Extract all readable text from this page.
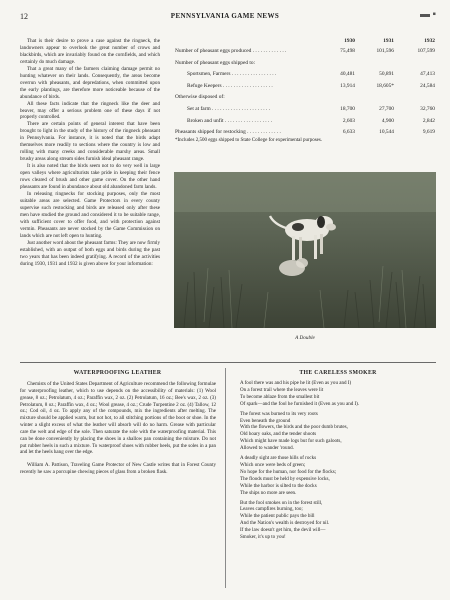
12	PENNSYLVANIA GAME NEWS	▬ ▪

That is their desire to prove a case against the ringneck, the landowners appear to overlook the great number of crows and blackbirds, which are invariably found on the cornfields, and which certainly do much damage.

That a great many of the farmers claiming damage permit no hunting whatever on their lands. Consequently, the areas become overrun with pheasants, and depredations, when committed upon the early plantings, are therefore more noticeable because of the abundance of birds.

All these facts indicate that the ringneck like the deer and beaver, may offer a serious problem one of these days if not properly controlled.

There are certain points of general interest that have been brought to light in the study of the history of the ringneck pheasant in Pennsylvania. For instance, it is noted that the birds adapt themselves more readily to sections where the country is low and rolling with many creeks and considerable marshy areas. Small brushy areas along stream sides furnish ideal pheasant range.

It is also noted that the birds seem not to do very well in large open valleys where agriculturists take pride in keeping their fence rows cleared of brush and other game cover. On the other hand pheasants are found in abundance about old abandoned farm lands.

In releasing ringnecks for stocking purposes, only the most suitable areas are selected. Game Protectors in every county supervise such restocking and birds are released only after these men have studied the ground and considered it to be suitable range, with sufficient cover to offer food, and with protection against vermin. Pheasants are never stocked by the Game Commission on lands which are not left open to hunting.

Just another word about the pheasant farms: They are now firmly established, with an output of both eggs and birds during the past two years that has been indeed gratifying. A record of the activities during 1930, 1931 and 1932 is given above for your information:

1930	1931	1932
Number of pheasant eggs produced . . . . . . . . . . . . .	75,498	101,596	107,599
Number of pheasant eggs shipped to:
Sportsmen, Farmers . . . . . . . . . . . . . . . . .	40,481	50,891	47,413
Refuge Keepers . . . . . . . . . . . . . . . . . . .	13,914	18,605*	24,584
Otherwise disposed of:
Set at farm . . . . . . . . . . . . . . . . . . . . . .	18,700	27,700	32,760
Broken and unfit . . . . . . . . . . . . . . . . . .	2,603	4,900	2,842
Pheasants shipped for restocking . . . . . . . . . . . . .	6,633	10,544	9,619
*Includes 2,500 eggs shipped to State College for experimental purposes.
A Double
WATERPROOFING LEATHER

Chemists of the United States Department of Agriculture recommend the following formulae for waterproofing leather, which to use depends on the accessibility of materials: (1) Wool grease, 8 oz.; Petrolatum, 4 oz.; Paraffin wax, 2 oz. (2) Petrolatum, 16 oz.; Bee's wax, 2 oz. (3) Petrolatum, 8 oz.; Paraffin wax, 4 oz.; Wool grease, 4 oz.; Crude Turpentine 2 oz. (4) Tallow, 12 oz.; Cod oil, 4 oz. To apply any of the compounds, mix the ingredients after melting. The mixture should be applied warm, but not hot, to all stitching portions of the boot or shoe. In the winter a slight excess of what the leather will absorb will do no harm. Grease with particular care the welt and edge of the sole. Then saturate the sole with the waterproofing material. This can be done conveniently by placing the shoes in a shallow pan containing the mixture. Do not put rubber heels in such a mixture. To waterproof shoes with rubber heels, put the soles in a pan and let the heels hang over the edge.

William A. Pattison, Traveling Game Protector of New Castle writes that in Forest County recently he saw a porcupine chewing pieces of glass from a broken flask.

THE CARELESS SMOKER
A fool there was and his pipe he lit (Even as you and I)
On a forest trail where the leaves were lit
To become ablaze from the smallest bit
Of spark—and the fool he furnished it (Even as you and I).
The forest was burned to its very roots
Even beneath the ground
With the flowers, the birds and the poor dumb brutes,
Old hoary oaks, and the tender shoots
Which might have made logs but for such galoots,
Allowed to wander 'round.
A deadly sight are those hills of rocks
Which once were beds of green;
No hope for the human, nor food for the flocks;
The floods must be held by expensive locks,
While the harbor is silted to the docks
The ships no more are seen.
But the fool smokes on in the forest still,
Leaves campfires burning, too;
While the patient public pays the bill
And the Nation's wealth is destroyed for nil.
If the law doesn't get him, the devil will—
Smoker, it's up to you!
